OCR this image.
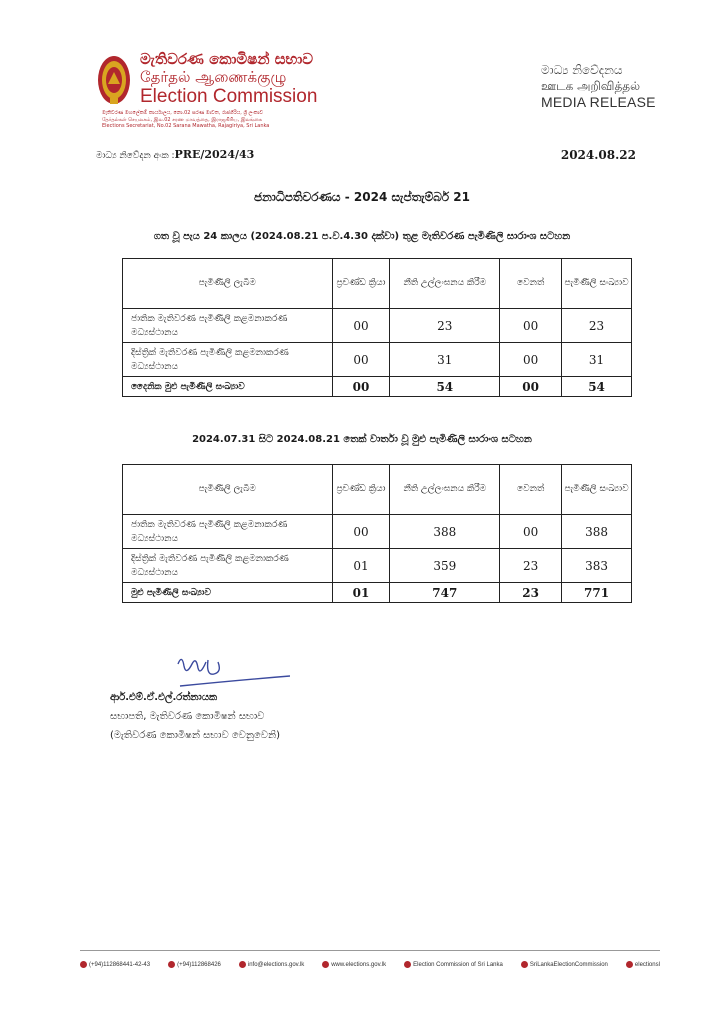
මැතිවරණ කොමිෂන් සභාව
தேர்தல் ஆணைக்குழு
Election Commission
මැතිවරණ මහලේකම් කාර්යාලය, නො.02 සරණ මාවත, රාජගිරිය, ශ්‍රී ලංකාව
தேர்தல்கள் செயலகம், இல.02 சரண மாவத்தை, இராஜகிரிய, இலங்கை
Elections Secretariat, No.02 Sarana Mawatha, Rajagiriya, Sri Lanka
මාධ්‍ය නිවේදනය
ஊடக அறிவித்தல்
MEDIA RELEASE
මාධ්‍ය නිවේදන අංක :PRE/2024/43	2024.08.22
ජනාධිපතිවරණය - 2024 සැප්තැම්බර් 21
ගත වූ පැය 24 කාලය (2024.08.21 ප.ව.4.30 දක්වා) තුළ මැතිවරණ පැමිණිලි සාරාංශ සටහන
පැමිණිලි ලැබීම	ප්‍රචණ්ඩ ක්‍රියා	නීති උල්ලංඝනය කිරීම	වෙනත්	පැමිණිලි සංඛ්‍යාව
ජාතික මැතිවරණ පැමිණිලි කළමනාකරණ මධ්‍යස්ථානය	00	23	00	23
දිස්ත්‍රික් මැතිවරණ පැමිණිලි කළමනාකරණ මධ්‍යස්ථානය	00	31	00	31
දෛනික මුළු පැමිණිලි සංඛ්‍යාව	00	54	00	54
2024.07.31 සිට 2024.08.21 තෙක් වාර්තා වූ මුළු පැමිණිලි සාරාංශ සටහන
පැමිණිලි ලැබීම	ප්‍රචණ්ඩ ක්‍රියා	නීති උල්ලංඝනය කිරීම	වෙනත්	පැමිණිලි සංඛ්‍යාව
ජාතික මැතිවරණ පැමිණිලි කළමනාකරණ මධ්‍යස්ථානය	00	388	00	388
දිස්ත්‍රික් මැතිවරණ පැමිණිලි කළමනාකරණ මධ්‍යස්ථානය	01	359	23	383
මුළු පැමිණිලි සංඛ්‍යාව	01	747	23	771
ආර්.එම්.ඒ.එල්.රත්නායක
සභාපති, මැතිවරණ කොමිෂන් සභාව
(මැතිවරණ කොමිෂන් සභාව වෙනුවෙනි)
(+94)112868441-42-43	(+94)112868426	info@elections.gov.lk	www.elections.gov.lk	Election Commission of Sri Lanka	SriLankaElectionCommission	electionsl
